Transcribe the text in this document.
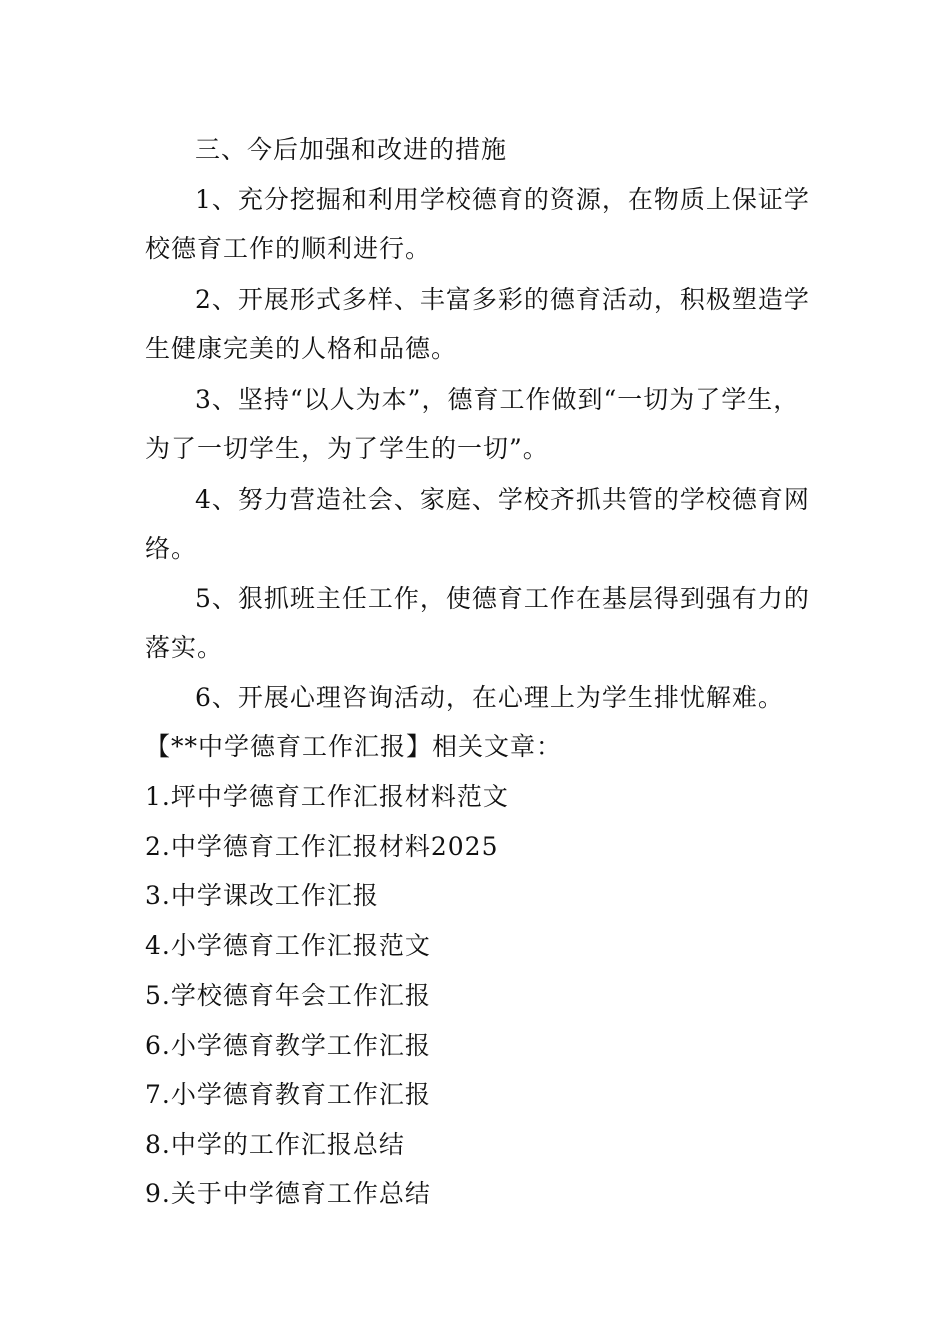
三、今后加强和改进的措施
1、充分挖掘和利用学校德育的资源，在物质上保证学
校德育工作的顺利进行。
2、开展形式多样、丰富多彩的德育活动，积极塑造学
生健康完美的人格和品德。
3、坚持“以人为本”，德育工作做到“一切为了学生，
为了一切学生，为了学生的一切”。
4、努力营造社会、家庭、学校齐抓共管的学校德育网
络。
5、狠抓班主任工作，使德育工作在基层得到强有力的
落实。
6、开展心理咨询活动，在心理上为学生排忧解难。
【**中学德育工作汇报】相关文章：
1.坪中学德育工作汇报材料范文
2.中学德育工作汇报材料2025
3.中学课改工作汇报
4.小学德育工作汇报范文
5.学校德育年会工作汇报
6.小学德育教学工作汇报
7.小学德育教育工作汇报
8.中学的工作汇报总结
9.关于中学德育工作总结
